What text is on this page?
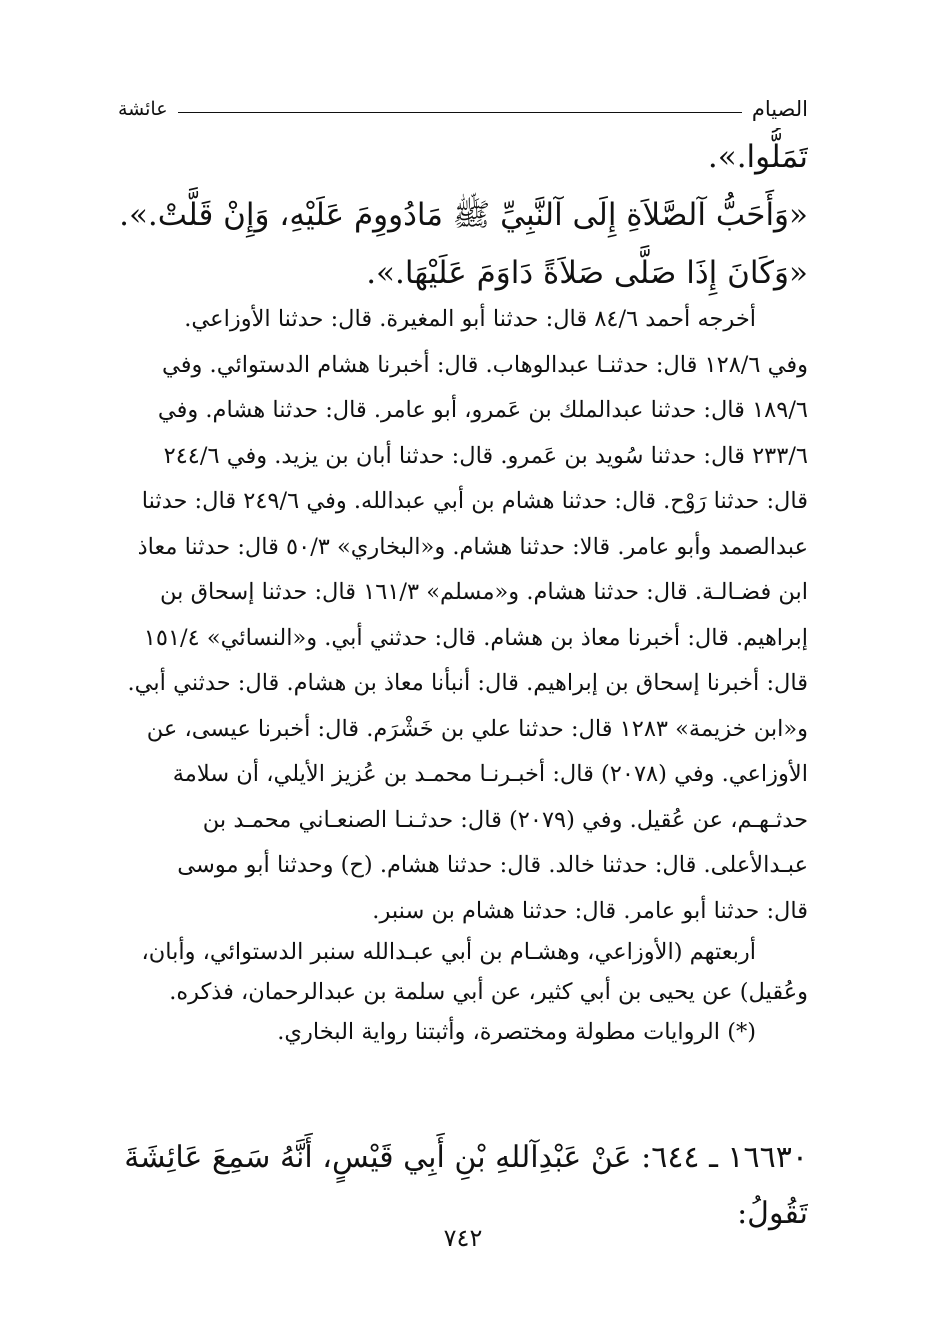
الصيام
عائشة
تَمَلُّوا.».
«وَأَحَبُّ آلصَّلاَةِ إِلَى آلنَّبِيِّ ﷺ مَادُووِمَ عَلَيْهِ، وَإِنْ قَلَّتْ.».
«وَكَانَ إِذَا صَلَّى صَلاَةً دَاوَمَ عَلَيْهَا.».
أخرجه أحمد ٨٤/٦ قال: حدثنا أبو المغيرة. قال: حدثنا الأوزاعي.
وفي ١٢٨/٦ قال: حدثنـا عبدالوهاب. قال: أخبرنا هشام الدستوائي. وفي
١٨٩/٦ قال: حدثنا عبدالملك بن عَمرو، أبو عامر. قال: حدثنا هشام. وفي
٢٣٣/٦ قال: حدثنا سُويد بن عَمرو. قال: حدثنا أبان بن يزيد. وفي ٢٤٤/٦
قال: حدثنا رَوْح. قال: حدثنا هشام بن أبي عبدالله. وفي ٢٤٩/٦ قال: حدثنا
عبدالصمد وأبو عامر. قالا: حدثنا هشام. و«البخاري» ٥٠/٣ قال: حدثنا معاذ
ابن فضـالـة. قال: حدثنا هشام. و«مسلم» ١٦١/٣ قال: حدثنا إسحاق بن
إبراهيم. قال: أخبرنا معاذ بن هشام. قال: حدثني أبي. و«النسائي» ١٥١/٤
قال: أخبرنا إسحاق بن إبراهيم. قال: أنبأنا معاذ بن هشام. قال: حدثني أبي.
و«ابن خزيمة» ١٢٨٣ قال: حدثنا علي بن خَشْرَم. قال: أخبرنا عيسى، عن
الأوزاعي. وفي (٢٠٧٨) قال: أخبـرنـا محمـد بن عُزيز الأيلي، أن سلامة
حدثـهـم، عن عُقيل. وفي (٢٠٧٩) قال: حدثـنـا الصنعـاني محمـد بن
عبـدالأعلى. قال: حدثنا خالد. قال: حدثنا هشام. (ح) وحدثنا أبو موسى
قال: حدثنا أبو عامر. قال: حدثنا هشام بن سنبر.
أربعتهم (الأوزاعي، وهشـام بن أبي عبـدالله سنبر الدستوائي، وأبان،
وعُقيل) عن يحيى بن أبي كثير، عن أبي سلمة بن عبدالرحمان، فذكره.
(*) الروايات مطولة ومختصرة، وأثبتنا رواية البخاري.
١٦٦٣٠ ـ ٦٤٤: عَنْ عَبْدِآللهِ بْنِ أَبِي قَيْسٍ، أَنَّهُ سَمِعَ عَائِشَةَ
تَقُولُ:
٧٤٢
